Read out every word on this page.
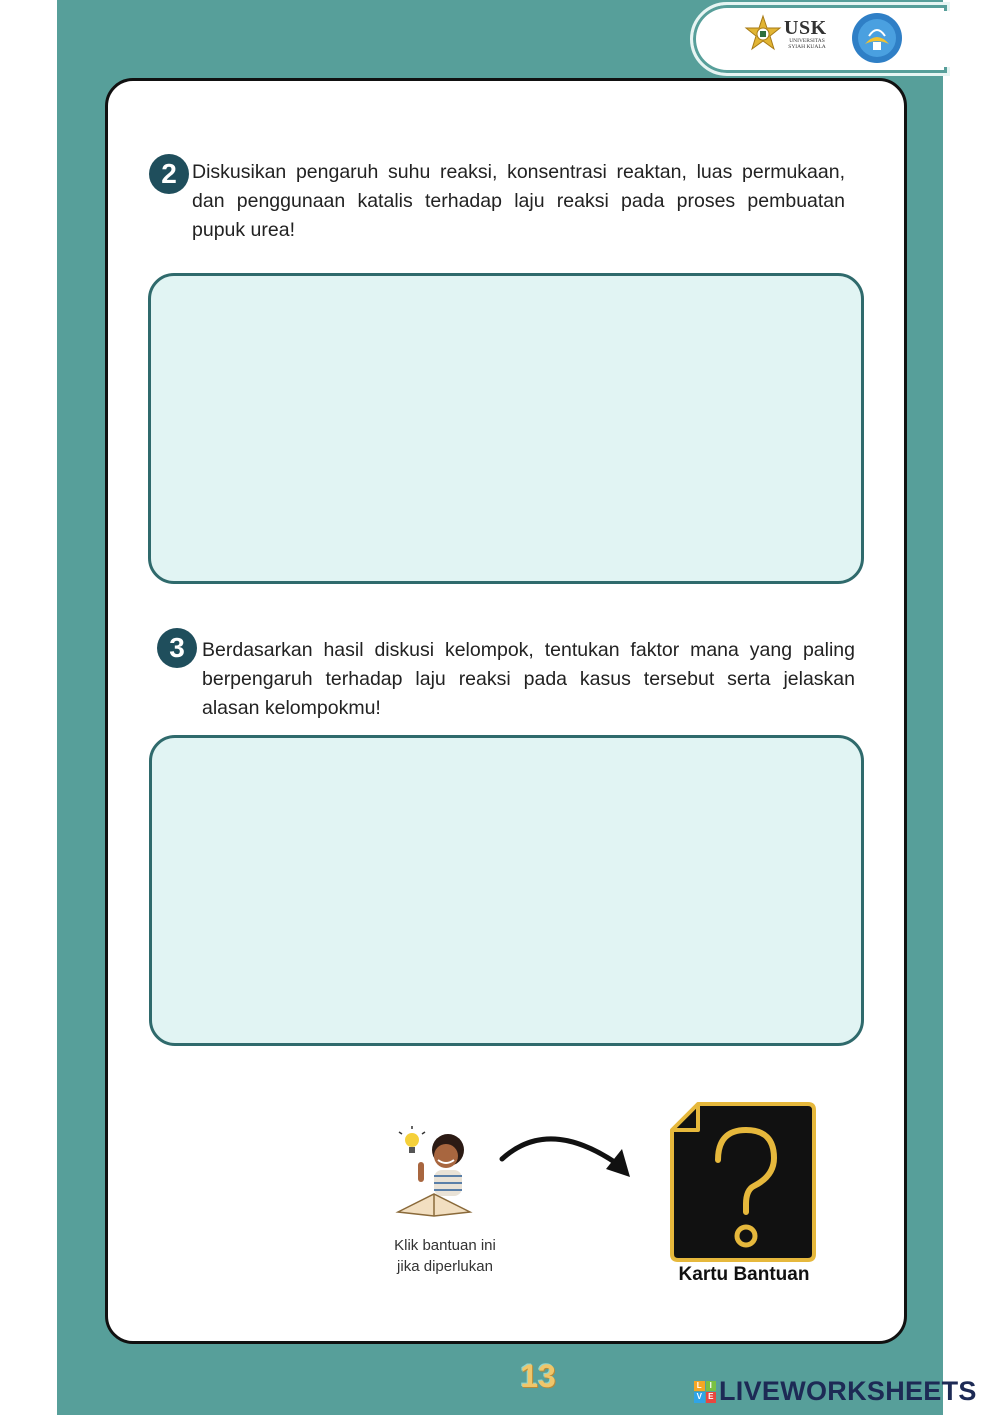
USK
UNIVERSITAS
SYIAH KUALA
2 Diskusikan pengaruh suhu reaksi, konsentrasi reaktan, luas permukaan, dan penggunaan katalis terhadap laju reaksi pada proses pembuatan pupuk urea!
3 Berdasarkan hasil diskusi kelompok, tentukan faktor mana yang paling berpengaruh terhadap laju reaksi pada kasus tersebut serta jelaskan alasan kelompokmu!
Klik bantuan ini
jika diperlukan	Kartu Bantuan
13	L I
V E LIVEWORKSHEETS
